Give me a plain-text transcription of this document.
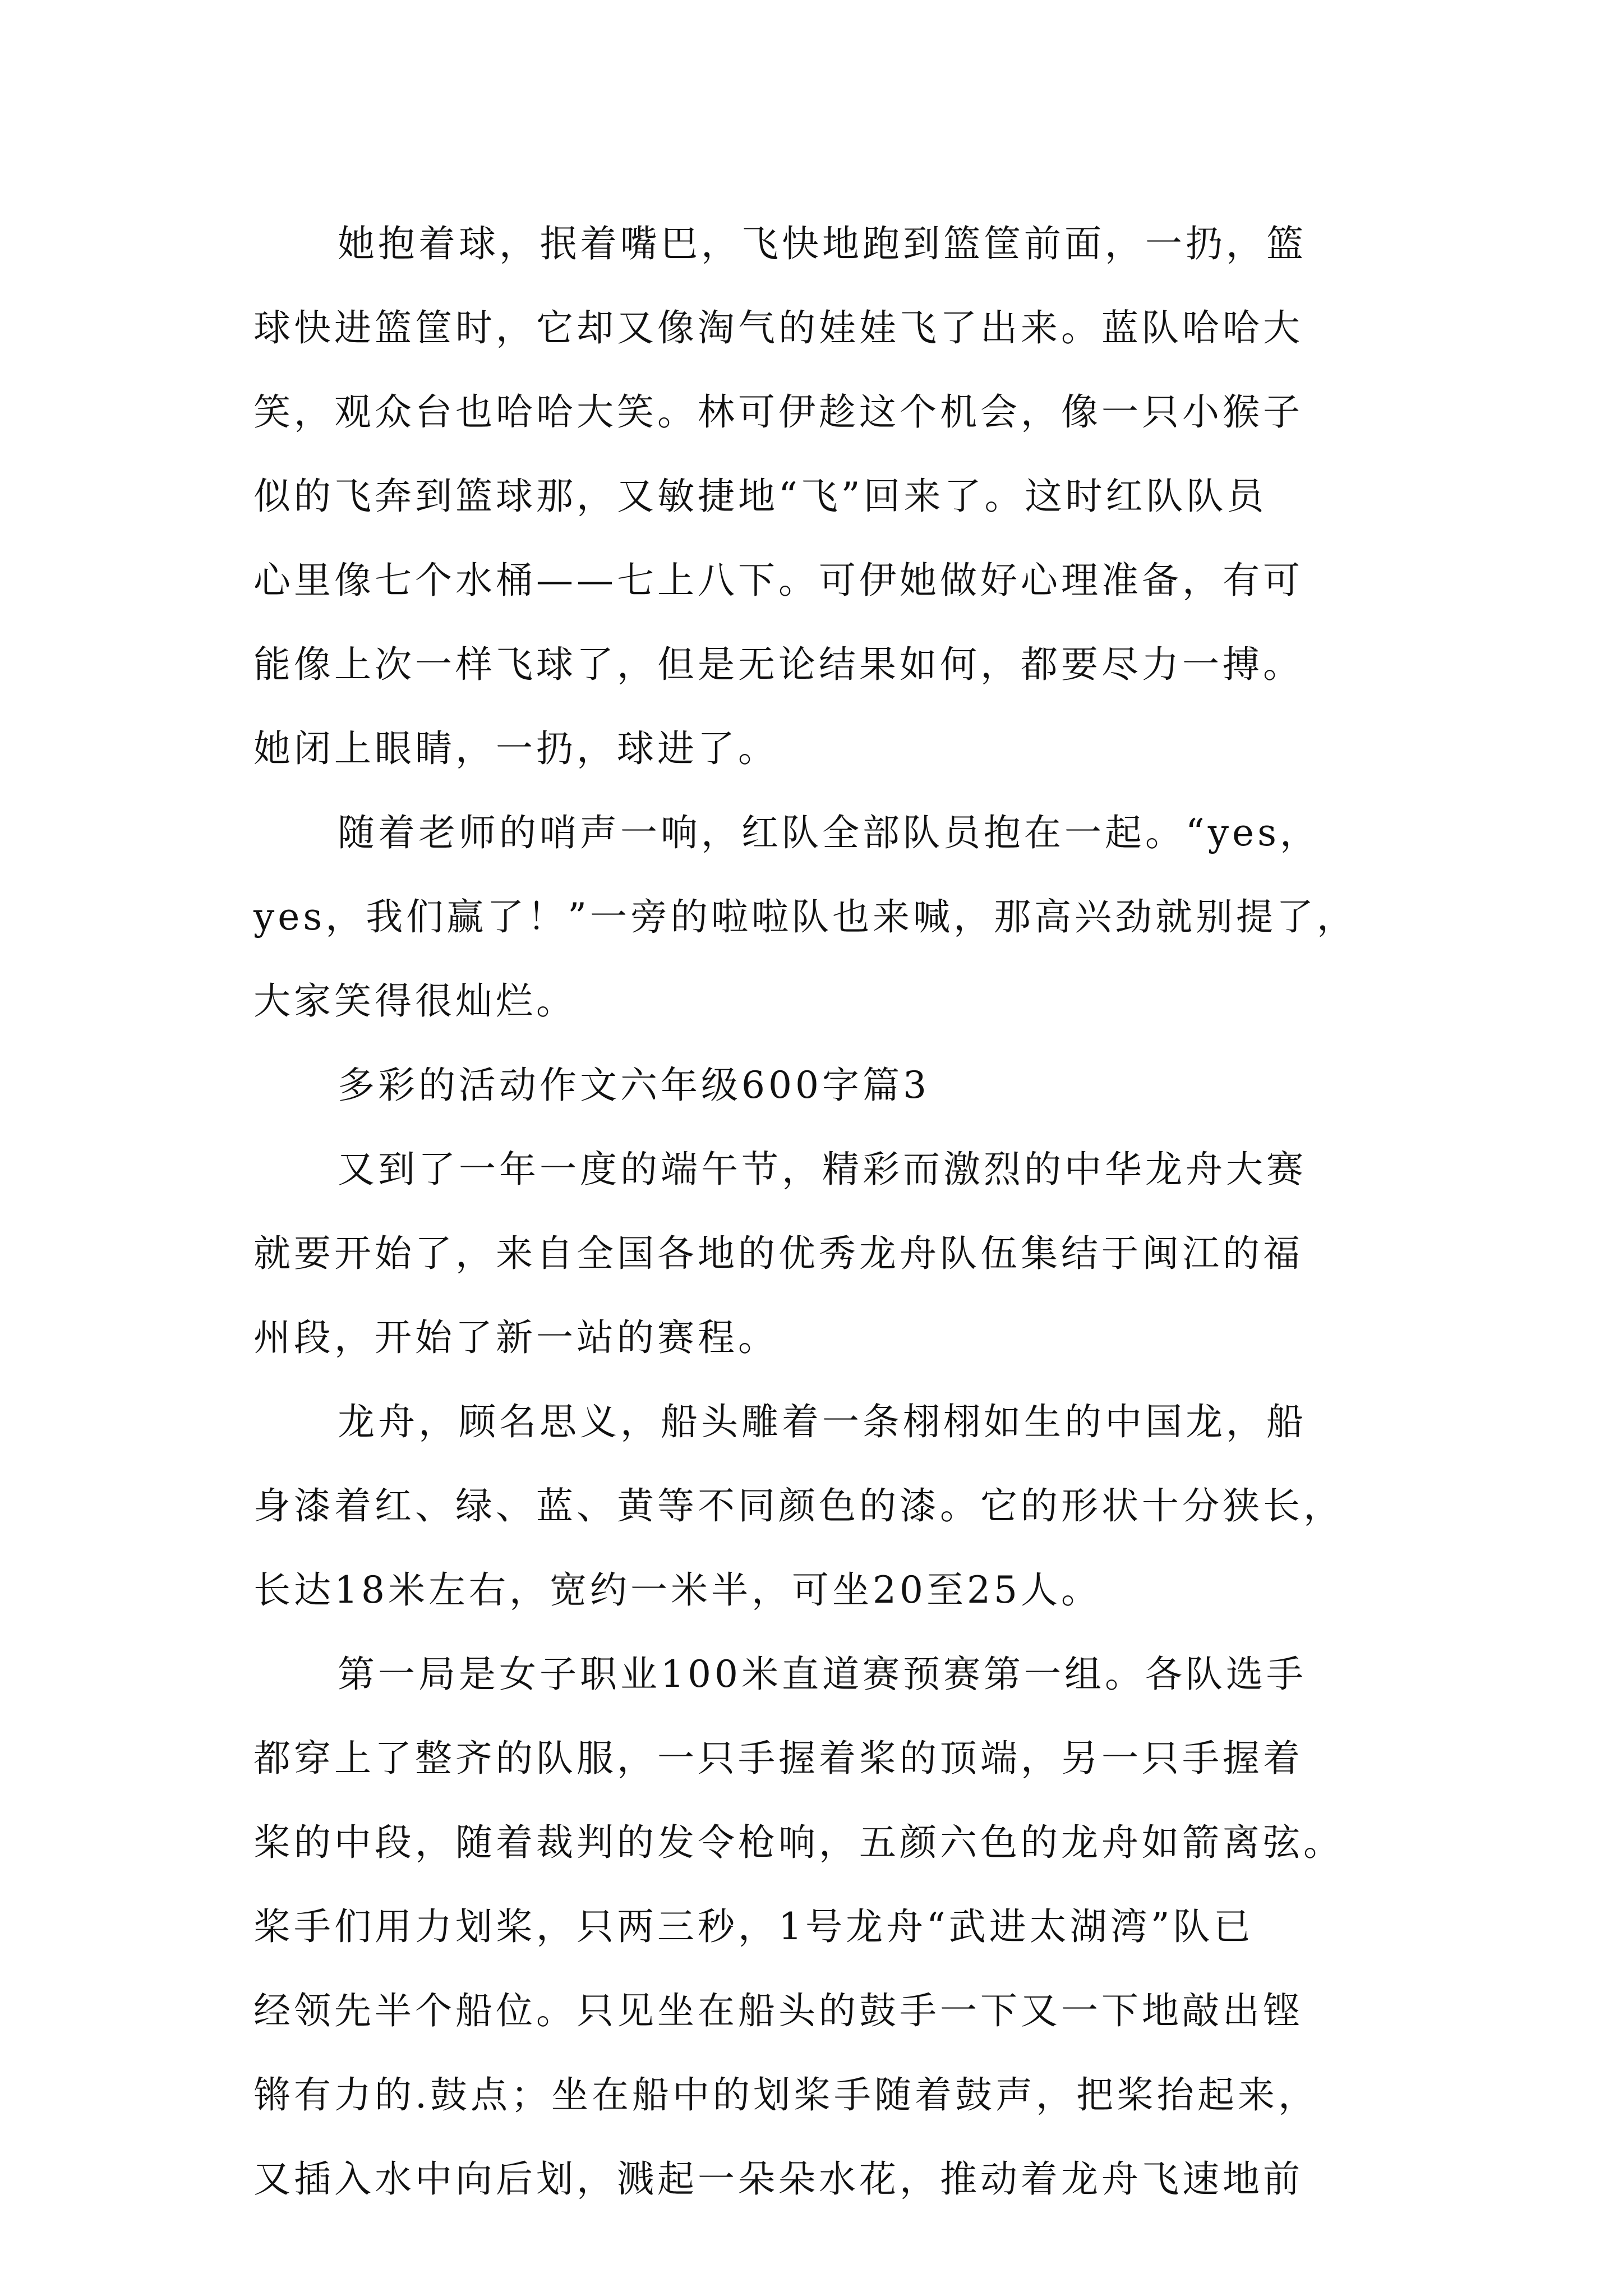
她抱着球，抿着嘴巴，飞快地跑到篮筐前面，一扔，篮
球快进篮筐时，它却又像淘气的娃娃飞了出来。蓝队哈哈大
笑，观众台也哈哈大笑。林可伊趁这个机会，像一只小猴子
似的飞奔到篮球那，又敏捷地“飞”回来了。这时红队队员
心里像七个水桶——七上八下。可伊她做好心理准备，有可
能像上次一样飞球了，但是无论结果如何，都要尽力一搏。
她闭上眼睛，一扔，球进了。
随着老师的哨声一响，红队全部队员抱在一起。“yes，
yes，我们赢了！”一旁的啦啦队也来喊，那高兴劲就别提了，
大家笑得很灿烂。
多彩的活动作文六年级600字篇3
又到了一年一度的端午节，精彩而激烈的中华龙舟大赛
就要开始了，来自全国各地的优秀龙舟队伍集结于闽江的福
州段，开始了新一站的赛程。
龙舟，顾名思义，船头雕着一条栩栩如生的中国龙，船
身漆着红、绿、蓝、黄等不同颜色的漆。它的形状十分狭长，
长达18米左右，宽约一米半，可坐20至25人。
第一局是女子职业100米直道赛预赛第一组。各队选手
都穿上了整齐的队服，一只手握着桨的顶端，另一只手握着
桨的中段，随着裁判的发令枪响，五颜六色的龙舟如箭离弦。
桨手们用力划桨，只两三秒，1号龙舟“武进太湖湾”队已
经领先半个船位。只见坐在船头的鼓手一下又一下地敲出铿
锵有力的.鼓点；坐在船中的划桨手随着鼓声，把桨抬起来，
又插入水中向后划，溅起一朵朵水花，推动着龙舟飞速地前
